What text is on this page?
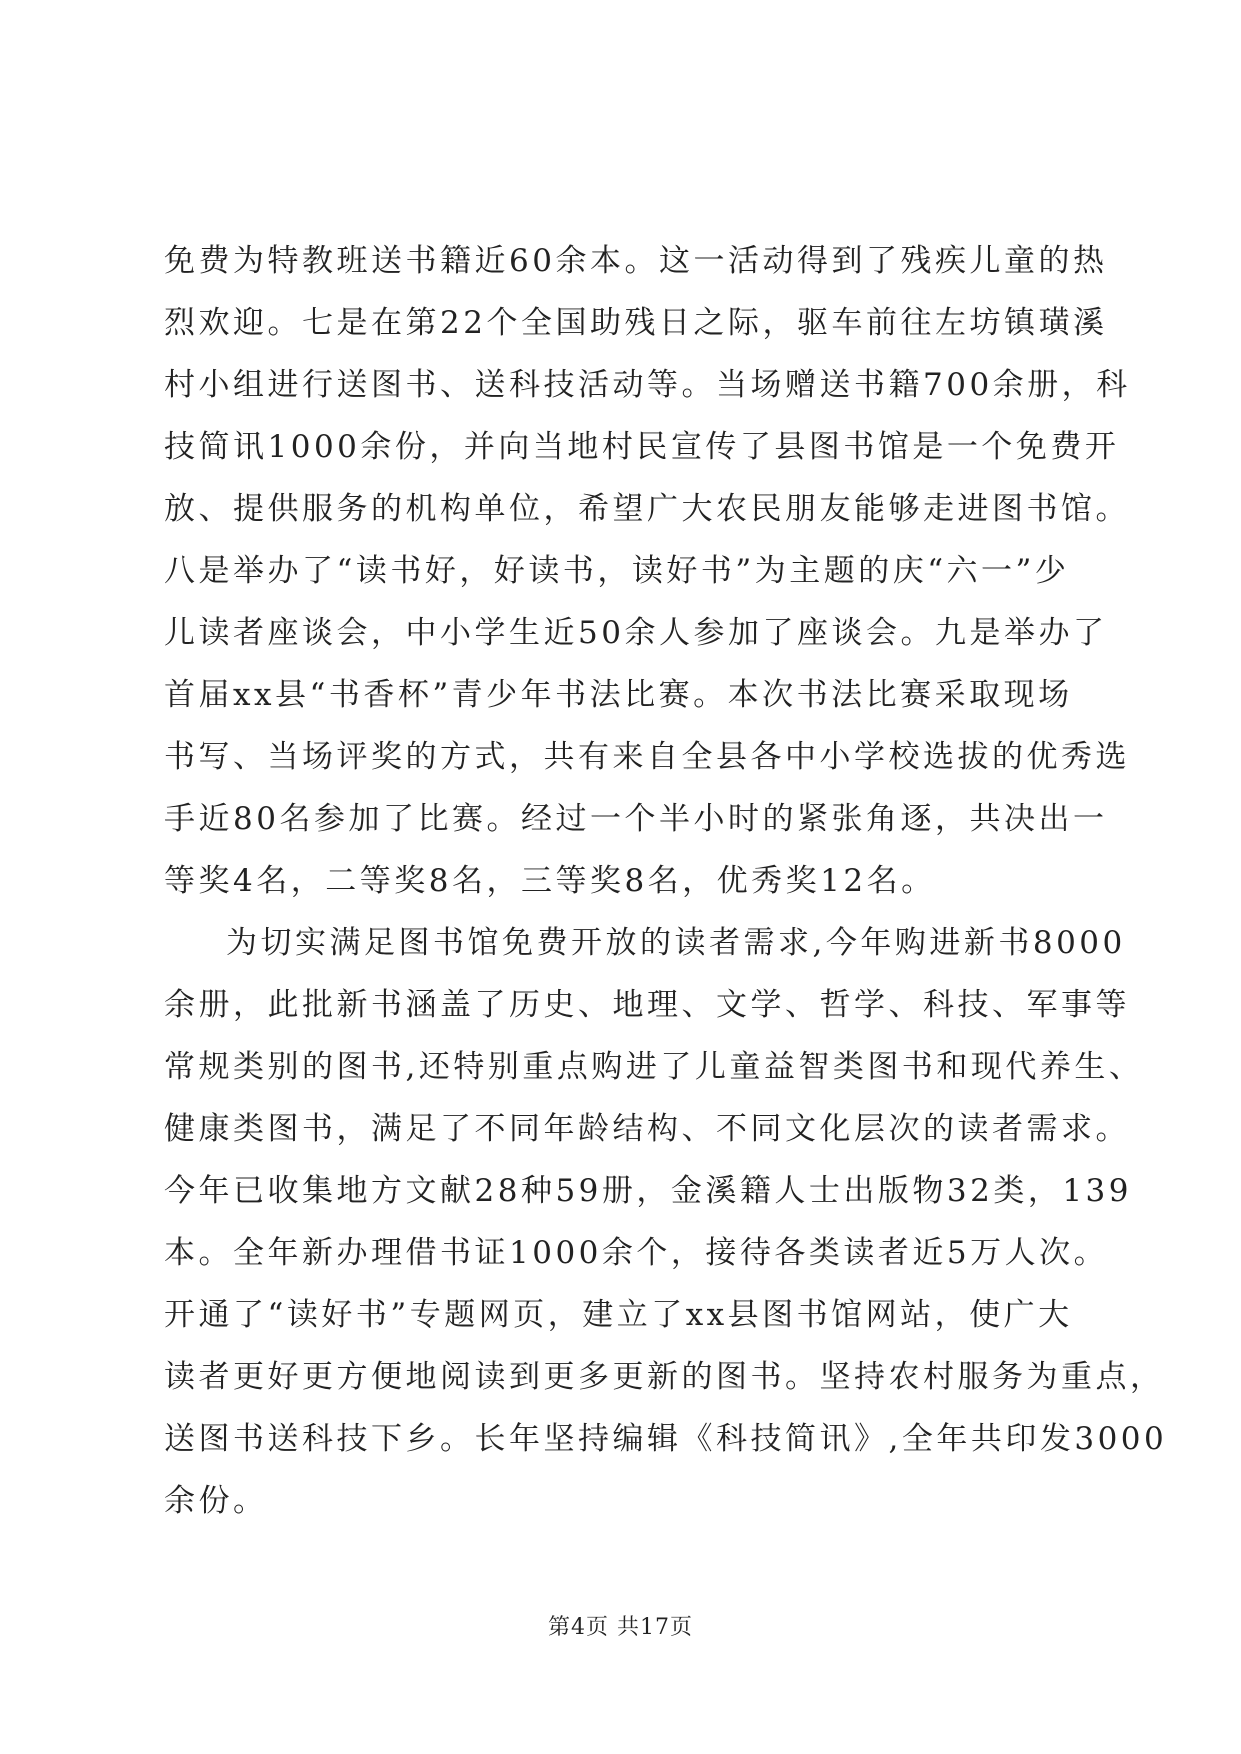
免费为特教班送书籍近60余本。这一活动得到了残疾儿童的热
烈欢迎。七是在第22个全国助残日之际，驱车前往左坊镇璜溪
村小组进行送图书、送科技活动等。当场赠送书籍700余册，科
技简讯1000余份，并向当地村民宣传了县图书馆是一个免费开
放、提供服务的机构单位，希望广大农民朋友能够走进图书馆。
八是举办了“读书好，好读书，读好书”为主题的庆“六一”少
儿读者座谈会，中小学生近50余人参加了座谈会。九是举办了
首届xx县“书香杯”青少年书法比赛。本次书法比赛采取现场
书写、当场评奖的方式，共有来自全县各中小学校选拔的优秀选
手近80名参加了比赛。经过一个半小时的紧张角逐，共决出一
等奖4名，二等奖8名，三等奖8名，优秀奖12名。
为切实满足图书馆免费开放的读者需求,今年购进新书8000
余册，此批新书涵盖了历史、地理、文学、哲学、科技、军事等
常规类别的图书,还特别重点购进了儿童益智类图书和现代养生、
健康类图书，满足了不同年龄结构、不同文化层次的读者需求。
今年已收集地方文献28种59册，金溪籍人士出版物32类，139
本。全年新办理借书证1000余个，接待各类读者近5万人次。
开通了“读好书”专题网页，建立了xx县图书馆网站，使广大
读者更好更方便地阅读到更多更新的图书。坚持农村服务为重点，
送图书送科技下乡。长年坚持编辑《科技简讯》,全年共印发3000
余份。
第4页 共17页
